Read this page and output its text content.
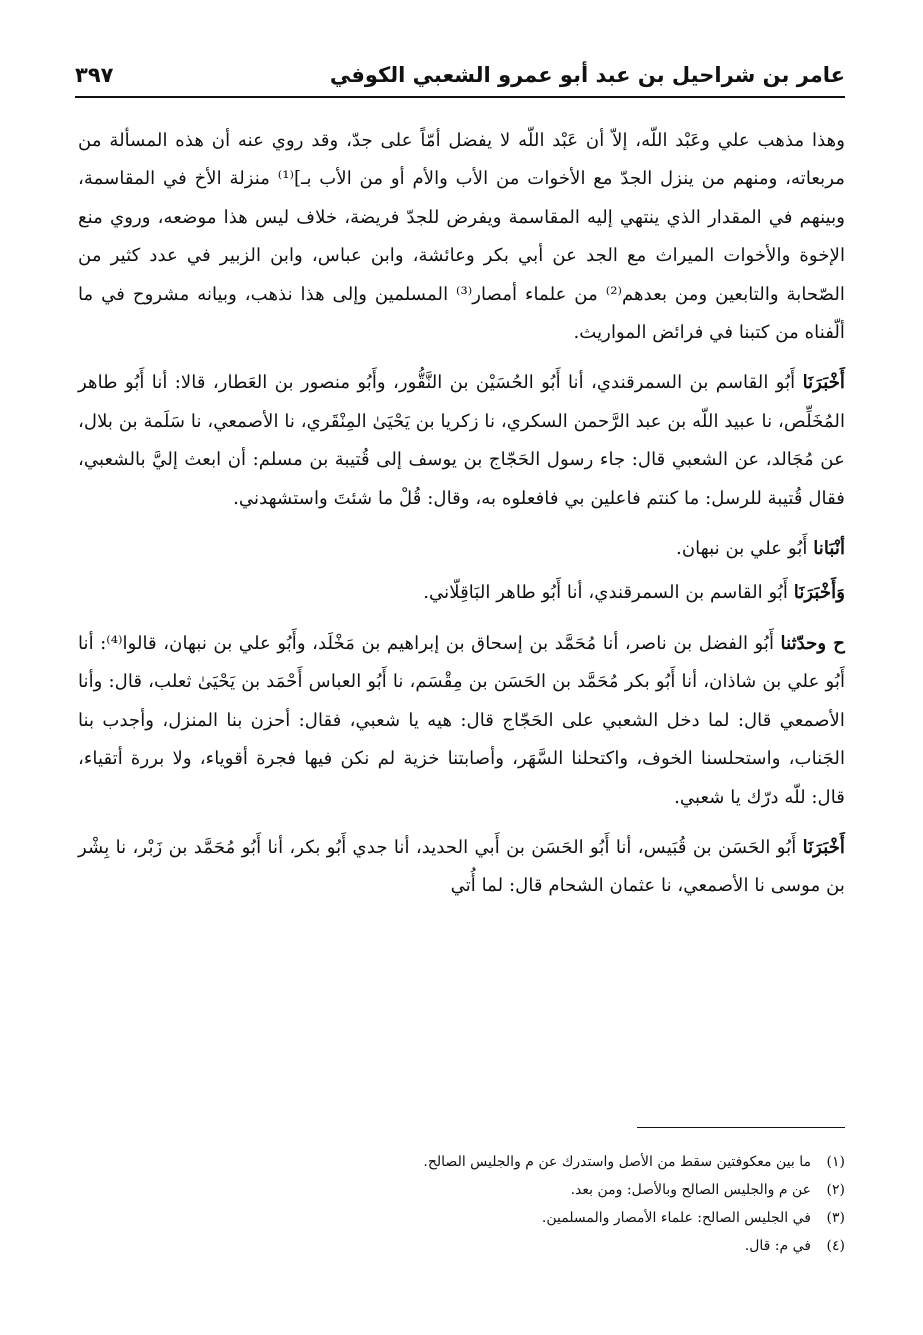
عامر بن شراحيل بن عبد أبو عمرو الشعبي الكوفي
٣٩٧

وهذا مذهب علي وعَبْد اللّه، إلاّ أن عَبْد اللّه لا يفضل أمّاً على جدّ، وقد روي عنه أن هذه المسألة من مربعاته، ومنهم من ينزل الجدّ مع الأخوات من الأب والأم أو من الأب بـ]⁽¹⁾ منزلة الأخ في المقاسمة، وبينهم في المقدار الذي ينتهي إليه المقاسمة ويفرض للجدّ فريضة، خلاف ليس هذا موضعه، وروي منع الإخوة والأخوات الميراث مع الجد عن أبي بكر وعائشة، وابن عباس، وابن الزبير في عدد كثير من الصّحابة والتابعين ومن بعدهم⁽²⁾ من علماء أمصار⁽³⁾ المسلمين وإلى هذا نذهب، وبيانه مشروح في ما ألّفناه من كتبنا في فرائض المواريث.

أَخْبَرَنَا أَبُو القاسم بن السمرقندي، أنا أَبُو الحُسَيْن بن النَّقُّور، وأَبُو منصور بن العَطار، قالا: أنا أَبُو طاهر المُخَلِّص، نا عبيد اللّه بن عبد الرَّحمن السكري، نا زكريا بن يَحْيَىٰ المِنْقَري، نا الأصمعي، نا سَلَمة بن بلال، عن مُجَالد، عن الشعبي قال: جاء رسول الحَجّاج بن يوسف إلى قُتيبة بن مسلم: أن ابعث إليَّ بالشعبي، فقال قُتيبة للرسل: ما كنتم فاعلين بي فافعلوه به، وقال: قُلْ ما شئتَ واستشهدني.

أنْبَانا أَبُو علي بن نبهان.

وَأَخْبَرَنَا أَبُو القاسم بن السمرقندي، أنا أَبُو طاهر البَاقِلّاني.

ح وحدّثنا أَبُو الفضل بن ناصر، أنا مُحَمَّد بن إسحاق بن إبراهيم بن مَخْلَد، وأَبُو علي بن نبهان، قالوا⁽⁴⁾: أنا أَبُو علي بن شاذان، أنا أَبُو بكر مُحَمَّد بن الحَسَن بن مِقْسَم، نا أَبُو العباس أَحْمَد بن يَحْيَىٰ ثعلب، قال: وأنا الأصمعي قال: لما دخل الشعبي على الحَجّاج قال: هيه يا شعبي، فقال: أحزن بنا المنزل، وأجدب بنا الجَناب، واستحلسنا الخوف، واكتحلنا السَّهَر، وأصابتنا خزية لم نكن فيها فجرة أقوياء، ولا بررة أتقياء، قال: للّه درّك يا شعبي.

أَخْبَرَنَا أَبُو الحَسَن بن قُبَيس، أنا أَبُو الحَسَن بن أَبي الحديد، أنا جدي أَبُو بكر، أنا أَبُو مُحَمَّد بن زَبْر، نا بِشْر بن موسى نا الأصمعي، نا عثمان الشحام قال: لما أُتي

(١)ما بين معكوفتين سقط من الأصل واستدرك عن م والجليس الصالح.
(٢)عن م والجليس الصالح وبالأصل: ومن بعد.
(٣)في الجليس الصالح: علماء الأمصار والمسلمين.
(٤)في م: قال.
